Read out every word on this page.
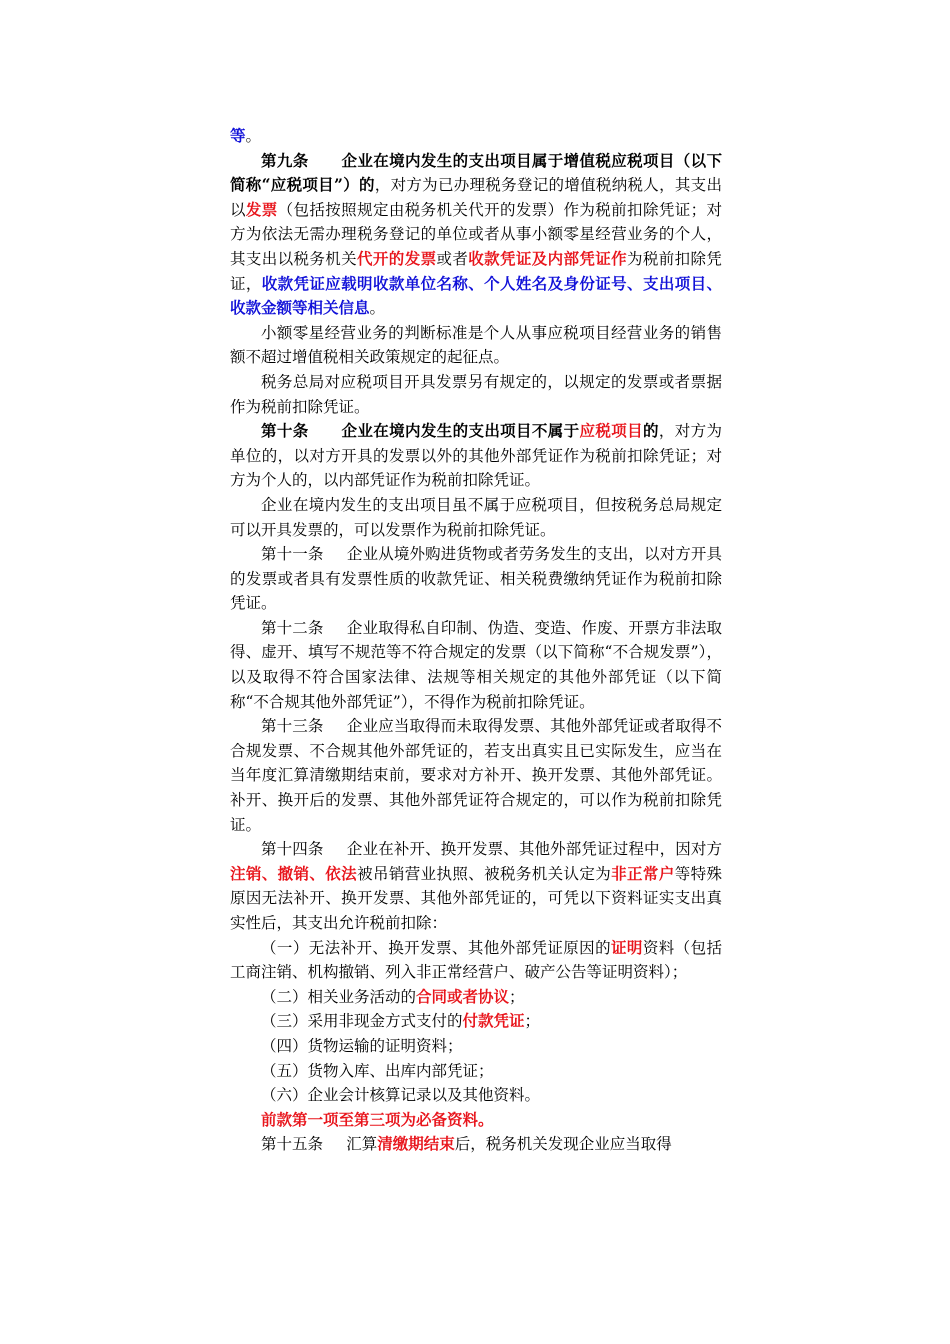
等。

第九条 企业在境内发生的支出项目属于增值税应税项目（以下简称“应税项目”）的，对方为已办理税务登记的增值税纳税人，其支出以发票（包括按照规定由税务机关代开的发票）作为税前扣除凭证；对方为依法无需办理税务登记的单位或者从事小额零星经营业务的个人，其支出以税务机关代开的发票或者收款凭证及内部凭证作为税前扣除凭证，收款凭证应载明收款单位名称、个人姓名及身份证号、支出项目、收款金额等相关信息。

小额零星经营业务的判断标准是个人从事应税项目经营业务的销售额不超过增值税相关政策规定的起征点。

税务总局对应税项目开具发票另有规定的，以规定的发票或者票据作为税前扣除凭证。

第十条 企业在境内发生的支出项目不属于应税项目的，对方为单位的，以对方开具的发票以外的其他外部凭证作为税前扣除凭证；对方为个人的，以内部凭证作为税前扣除凭证。

企业在境内发生的支出项目虽不属于应税项目，但按税务总局规定可以开具发票的，可以发票作为税前扣除凭证。

第十一条 企业从境外购进货物或者劳务发生的支出，以对方开具的发票或者具有发票性质的收款凭证、相关税费缴纳凭证作为税前扣除凭证。

第十二条 企业取得私自印制、伪造、变造、作废、开票方非法取得、虚开、填写不规范等不符合规定的发票（以下简称“不合规发票”），以及取得不符合国家法律、法规等相关规定的其他外部凭证（以下简称“不合规其他外部凭证”），不得作为税前扣除凭证。

第十三条 企业应当取得而未取得发票、其他外部凭证或者取得不合规发票、不合规其他外部凭证的，若支出真实且已实际发生，应当在当年度汇算清缴期结束前，要求对方补开、换开发票、其他外部凭证。补开、换开后的发票、其他外部凭证符合规定的，可以作为税前扣除凭证。

第十四条 企业在补开、换开发票、其他外部凭证过程中，因对方注销、撤销、依法被吊销营业执照、被税务机关认定为非正常户等特殊原因无法补开、换开发票、其他外部凭证的，可凭以下资料证实支出真实性后，其支出允许税前扣除：

（一）无法补开、换开发票、其他外部凭证原因的证明资料（包括工商注销、机构撤销、列入非正常经营户、破产公告等证明资料）；

（二）相关业务活动的合同或者协议；

（三）采用非现金方式支付的付款凭证；

（四）货物运输的证明资料；

（五）货物入库、出库内部凭证；

（六）企业会计核算记录以及其他资料。

前款第一项至第三项为必备资料。

第十五条 汇算清缴期结束后，税务机关发现企业应当取得
